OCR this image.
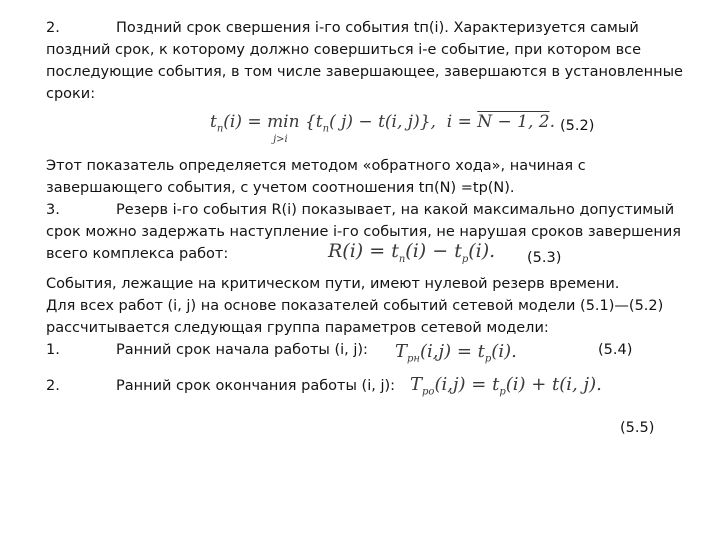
2.	Поздний срок свершения i-го события tп(i). Характеризуется самый
поздний срок, к которому должно совершиться i-е событие, при котором все
последующие события, в том числе завершающее, завершаются в установленные
сроки:
$t_п(i) = \min$
j>i
{$t_п$( j) − t(i, j)},  i = N − 1, 2. (5.2)
Этот показатель определяется методом «обратного хода», начиная с
завершающего события, с учетом соотношения tп(N) =tp(N).
3.	Резерв i-го события R(i) показывает, на какой максимально допустимый
срок можно задержать наступление i-го события, не нарушая сроков завершения
всего комплекса работ:	$R(i) = t_п(i) - t_р(i)$. (5.3)
События, лежащие на критическом пути, имеют нулевой резерв времени.
Для всех работ (i, j) на основе показателей событий сетевой модели (5.1)—(5.2)
рассчитывается следующая группа параметров сетевой модели:
1.	Ранний срок начала работы (i, j): $T_{рн}(i,j) = t_р(i)$.	(5.4)
2.	Ранний срок окончания работы (i, j): $T_{ро}(i,j) = t_р(i) + t(i$, j).
(5.5)
